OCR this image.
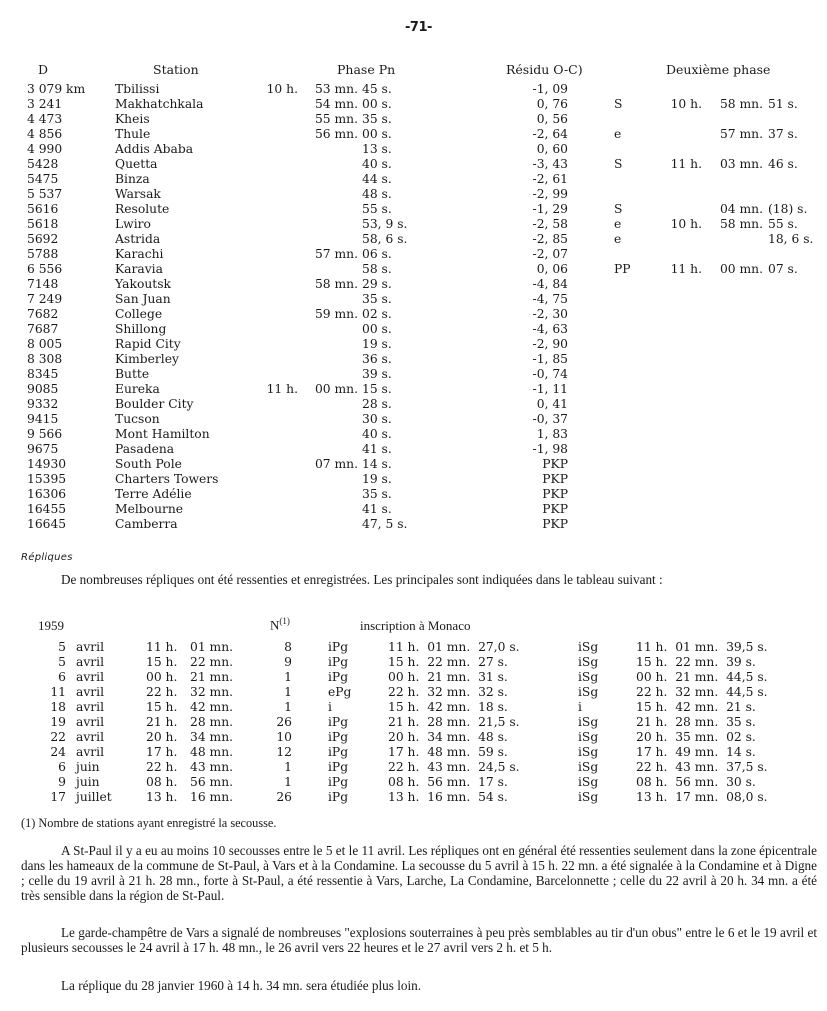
-71-
D	Station	Phase Pn	Résidu O-C)	Deuxième phase
3 079 km Tbilissi	10 h.	53 mn. 45 s.	-1, 09
3 241	Makhatchkala	54 mn. 00 s.	0, 76	S	10 h.	58 mn. 51 s.
4 473	Kheis	55 mn. 35 s.	0, 56
4 856	Thule	56 mn. 00 s.	-2, 64	e	57 mn. 37 s.
4 990	Addis Ababa	13 s.	0, 60
5428	Quetta	40 s.	-3, 43	S	11 h.	03 mn. 46 s.
5475	Binza	44 s.	-2, 61
5 537	Warsak	48 s.	-2, 99
5616	Resolute	55 s.	-1, 29	S	04 mn. (18) s.
5618	Lwiro	53, 9 s.	-2, 58	e	10 h.	58 mn. 55 s.
5692	Astrida	58, 6 s.	-2, 85	e	18, 6 s.
5788	Karachi	57 mn. 06 s.	-2, 07
6 556	Karavia	58 s.	0, 06	PP	11 h.	00 mn. 07 s.
7148	Yakoutsk	58 mn. 29 s.	-4, 84
7 249	San Juan	35 s.	-4, 75
7682	College	59 mn. 02 s.	-2, 30
7687	Shillong	00 s.	-4, 63
8 005	Rapid City	19 s.	-2, 90
8 308	Kimberley	36 s.	-1, 85
8345	Butte	39 s.	-0, 74
9085	Eureka	11 h.	00 mn. 15 s.	-1, 11
9332	Boulder City	28 s.	0, 41
9415	Tucson	30 s.	-0, 37
9 566	Mont Hamilton	40 s.	1, 83
9675	Pasadena	41 s.	-1, 98
14930	South Pole	07 mn. 14 s.	PKP
15395	Charters Towers	19 s.	PKP
16306	Terre Adélie	35 s.	PKP
16455	Melbourne	41 s.	PKP
16645	Camberra	47, 5 s.	PKP
Répliques
De nombreuses répliques ont été ressenties et enregistrées. Les principales sont indiquées dans le tableau suivant :

1959

	$N^{(1)}$

	inscription à Monaco

5 avril	11 h. 01 mn.	8	iPg	11 h.  01 mn.  27,0 s.	iSg	11 h.  01 mn.  39,5 s.
5 avril	15 h. 22 mn.	9	iPg	15 h.  22 mn.  27 s.	iSg	15 h.  22 mn.  39 s.
6 avril	00 h. 21 mn.	1	iPg	00 h.  21 mn.  31 s.	iSg	00 h.  21 mn.  44,5 s.
11 avril	22 h. 32 mn.	1	ePg	22 h.  32 mn.  32 s.	iSg	22 h.  32 mn.  44,5 s.
18 avril	15 h. 42 mn.	1	i	15 h.  42 mn.  18 s.	i	15 h.  42 mn.  21 s.
19 avril	21 h. 28 mn.	26	iPg	21 h.  28 mn.  21,5 s.	iSg	21 h.  28 mn.  35 s.
22 avril	20 h. 34 mn.	10	iPg	20 h.  34 mn.  48 s.	iSg	20 h.  35 mn.  02 s.
24 avril	17 h. 48 mn.	12	iPg	17 h.  48 mn.  59 s.	iSg	17 h.  49 mn.  14 s.
6 juin	22 h. 43 mn.	1	iPg	22 h.  43 mn.  24,5 s.	iSg	22 h.  43 mn.  37,5 s.
9 juin	08 h. 56 mn.	1	iPg	08 h.  56 mn.  17 s.	iSg	08 h.  56 mn.  30 s.
17 juillet	13 h. 16 mn.	26	iPg	13 h.  16 mn.  54 s.	iSg	13 h.  17 mn.  08,0 s.
(1) Nombre de stations ayant enregistré la secousse.
A St-Paul il y a eu au moins 10 secousses entre le 5 et le 11 avril. Les répliques ont en général été ressenties seulement dans la zone épicentrale dans les hameaux de la commune de St-Paul, à Vars et à la Condamine. La secousse du 5 avril à 15 h. 22 mn. a été signalée à la Condamine et à Digne ; celle du 19 avril à 21 h. 28 mn., forte à St-Paul, a été ressentie à Vars, Larche, La Condamine, Barcelonnette ; celle du 22 avril à 20 h. 34 mn. a été très sensible dans la région de St-Paul.
Le garde-champêtre de Vars a signalé de nombreuses "explosions souterraines à peu près semblables au tir d'un obus" entre le 6 et le 19 avril et plusieurs secousses le 24 avril à 17 h. 48 mn., le 26 avril vers 22 heures et le 27 avril vers 2 h. et 5 h.
La réplique du 28 janvier 1960 à 14 h. 34 mn. sera étudiée plus loin.
